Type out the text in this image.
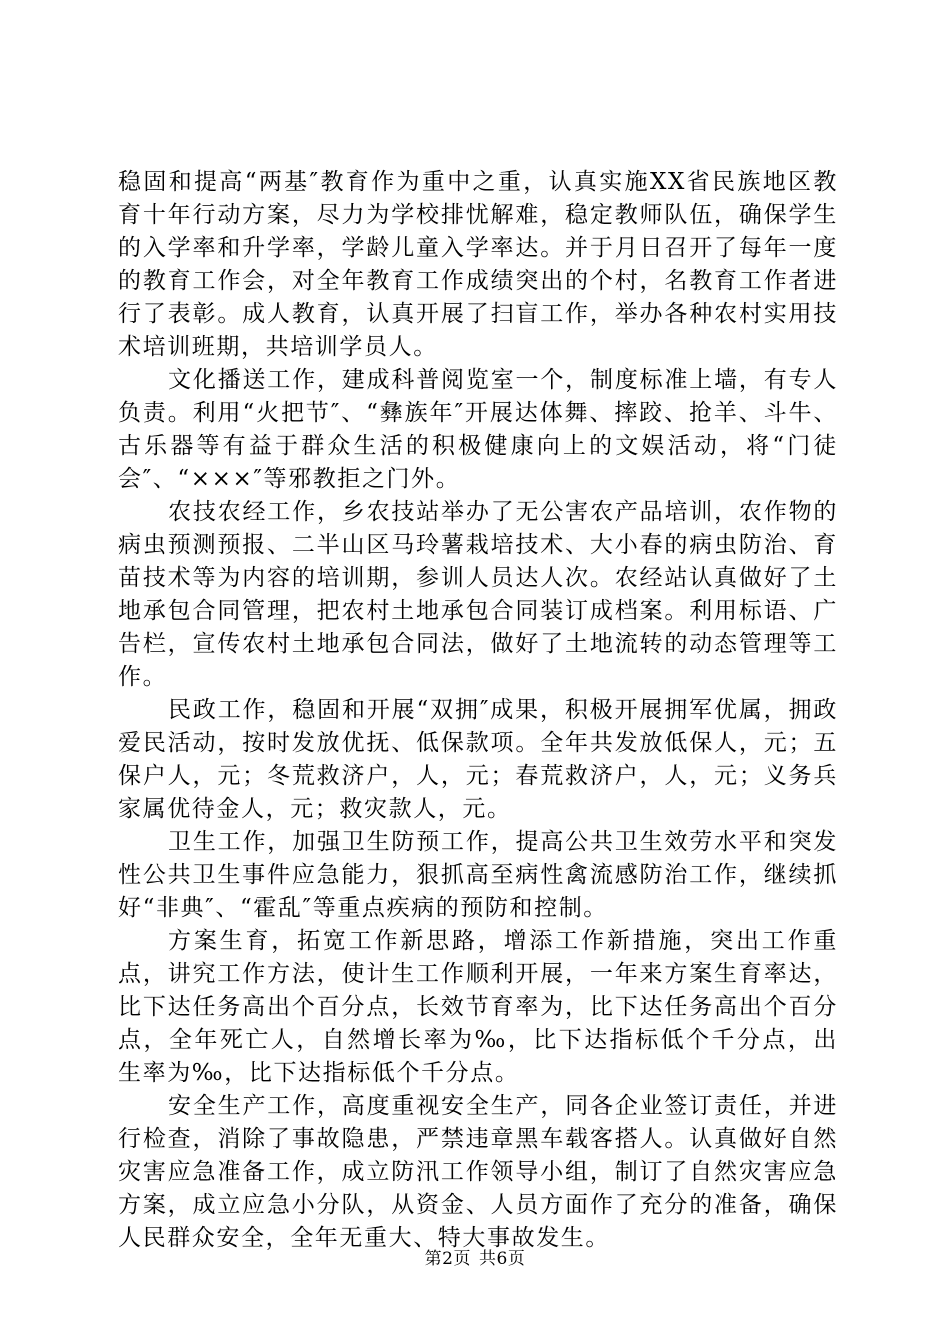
稳固和提高“两基″教育作为重中之重，认真实施XX省民族地区教育十年行动方案，尽力为学校排忧解难，稳定教师队伍，确保学生的入学率和升学率，学龄儿童入学率达。并于月日召开了每年一度的教育工作会，对全年教育工作成绩突出的个村，名教育工作者进行了表彰。成人教育，认真开展了扫盲工作，举办各种农村实用技术培训班期，共培训学员人。

文化播送工作，建成科普阅览室一个，制度标准上墙，有专人负责。利用“火把节″、“彝族年″开展达体舞、摔跤、抢羊、斗牛、古乐器等有益于群众生活的积极健康向上的文娱活动，将“门徒会″、“×××″等邪教拒之门外。

农技农经工作，乡农技站举办了无公害农产品培训，农作物的病虫预测预报、二半山区马玲薯栽培技术、大小春的病虫防治、育苗技术等为内容的培训期，参训人员达人次。农经站认真做好了土地承包合同管理，把农村土地承包合同装订成档案。利用标语、广告栏，宣传农村土地承包合同法，做好了土地流转的动态管理等工作。

民政工作，稳固和开展“双拥″成果，积极开展拥军优属，拥政爱民活动，按时发放优抚、低保款项。全年共发放低保人，元；五保户人，元；冬荒救济户，人，元；春荒救济户，人，元；义务兵家属优待金人，元；救灾款人，元。

卫生工作，加强卫生防预工作，提高公共卫生效劳水平和突发性公共卫生事件应急能力，狠抓高至病性禽流感防治工作，继续抓好“非典″、“霍乱″等重点疾病的预防和控制。

方案生育，拓宽工作新思路，增添工作新措施，突出工作重点，讲究工作方法，使计生工作顺利开展，一年来方案生育率达，比下达任务高出个百分点，长效节育率为，比下达任务高出个百分点，全年死亡人，自然增长率为‰，比下达指标低个千分点，出生率为‰，比下达指标低个千分点。

安全生产工作，高度重视安全生产，同各企业签订责任，并进行检查，消除了事故隐患，严禁违章黑车载客搭人。认真做好自然灾害应急准备工作，成立防汛工作领导小组，制订了自然灾害应急方案，成立应急小分队，从资金、人员方面作了充分的准备，确保人民群众安全，全年无重大、特大事故发生。

第2页 共6页
